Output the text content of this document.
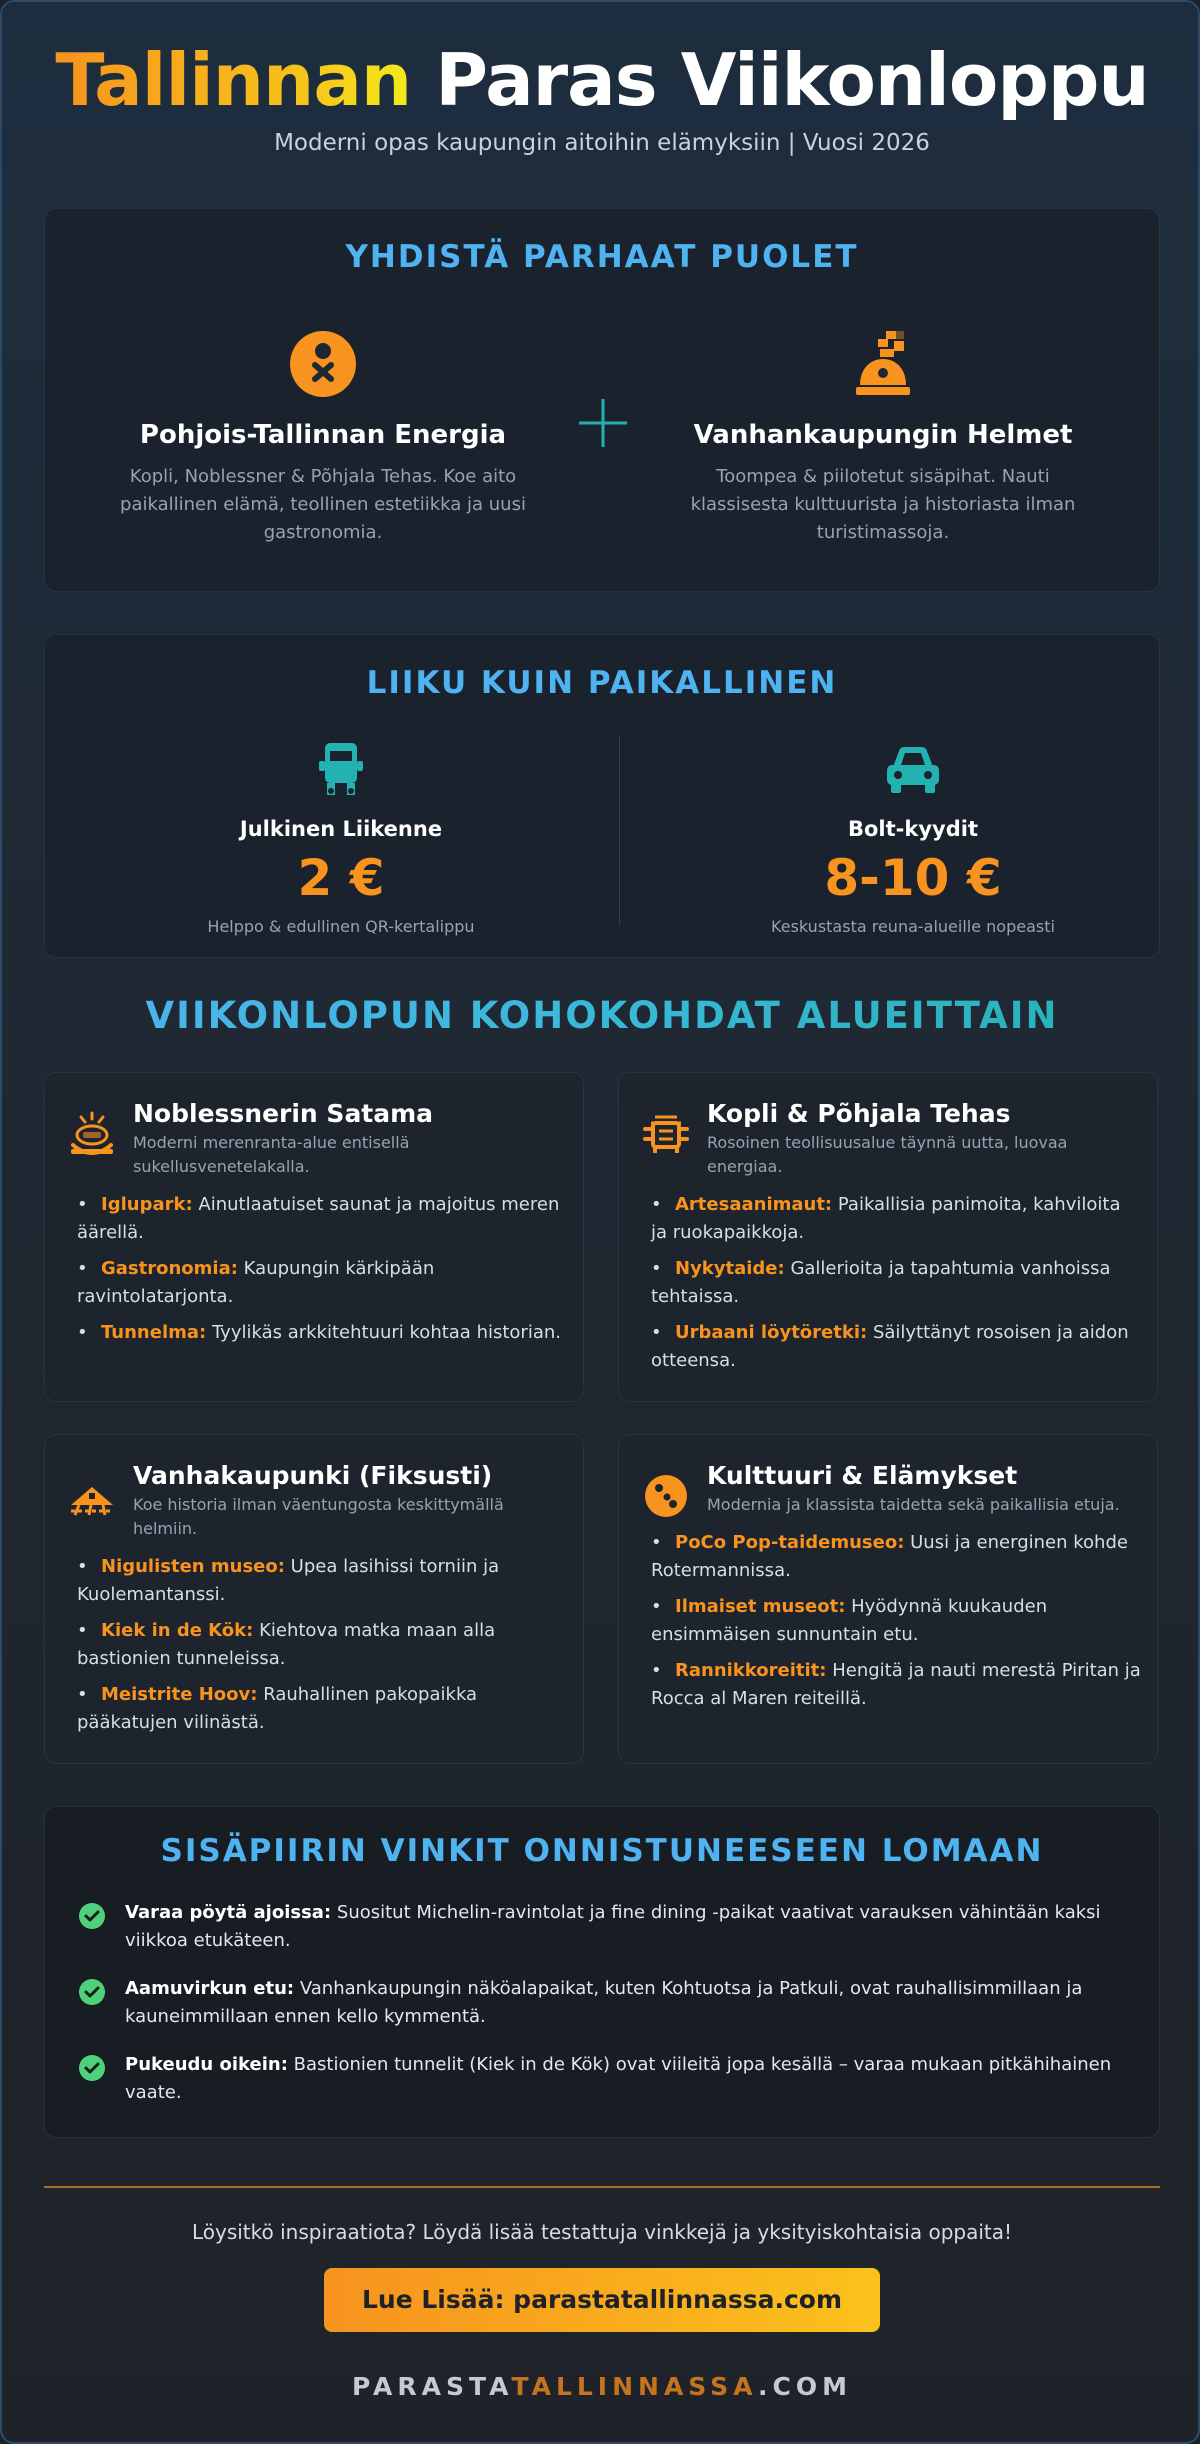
Tallinnan Paras Viikonloppu
Moderni opas kaupungin aitoihin elämyksiin | Vuosi 2026
YHDISTÄ PARHAAT PUOLET
Pohjois-Tallinnan Energia
Kopli, Noblessner & Põhjala Tehas. Koe aito paikallinen elämä, teollinen estetiikka ja uusi gastronomia.
Vanhankaupungin Helmet
Toompea & piilotetut sisäpihat. Nauti klassisesta kulttuurista ja historiasta ilman turistimassoja.
LIIKU KUIN PAIKALLINEN
Julkinen Liikenne
2 €
Helppo & edullinen QR-kertalippu
Bolt-kyydit
8-10 €
Keskustasta reuna-alueille nopeasti
VIIKONLOPUN KOHOKOHDAT ALUEITTAIN
Noblessnerin Satama
Moderni merenranta-alue entisellä sukellusvenetelakalla.
• Iglupark: Ainutlaatuiset saunat ja majoitus meren äärellä.
• Gastronomia: Kaupungin kärkipään ravintolatarjonta.
• Tunnelma: Tyylikäs arkkitehtuuri kohtaa historian.
Kopli & Põhjala Tehas
Rosoinen teollisuusalue täynnä uutta, luovaa energiaa.
• Artesaanimaut: Paikallisia panimoita, kahviloita ja ruokapaikkoja.
• Nykytaide: Gallerioita ja tapahtumia vanhoissa tehtaissa.
• Urbaani löytöretki: Säilyttänyt rosoisen ja aidon otteensa.
Vanhakaupunki (Fiksusti)
Koe historia ilman väentungosta keskittymällä helmiin.
• Nigulisten museo: Upea lasihissi torniin ja Kuolemantanssi.
• Kiek in de Kök: Kiehtova matka maan alla bastionien tunneleissa.
• Meistrite Hoov: Rauhallinen pakopaikka pääkatujen vilinästä.
Kulttuuri & Elämykset
Modernia ja klassista taidetta sekä paikallisia etuja.
• PoCo Pop-taidemuseo: Uusi ja energinen kohde Rotermannissa.
• Ilmaiset museot: Hyödynnä kuukauden ensimmäisen sunnuntain etu.
• Rannikkoreitit: Hengitä ja nauti merestä Piritan ja Rocca al Maren reiteillä.
SISÄPIIRIN VINKIT ONNISTUNEESEEN LOMAAN
Varaa pöytä ajoissa: Suositut Michelin-ravintolat ja fine dining -paikat vaativat varauksen vähintään kaksi viikkoa etukäteen.
Aamuvirkun etu: Vanhankaupungin näköalapaikat, kuten Kohtuotsa ja Patkuli, ovat rauhallisimmillaan ja kauneimmillaan ennen kello kymmentä.
Pukeudu oikein: Bastionien tunnelit (Kiek in de Kök) ovat viileitä jopa kesällä – varaa mukaan pitkähihainen vaate.

Löysitkö inspiraatiota? Löydä lisää testattuja vinkkejä ja yksityiskohtaisia oppaita!

Lue Lisää: parastatallinnassa.com
PARASTATALLINNASSA.COM
